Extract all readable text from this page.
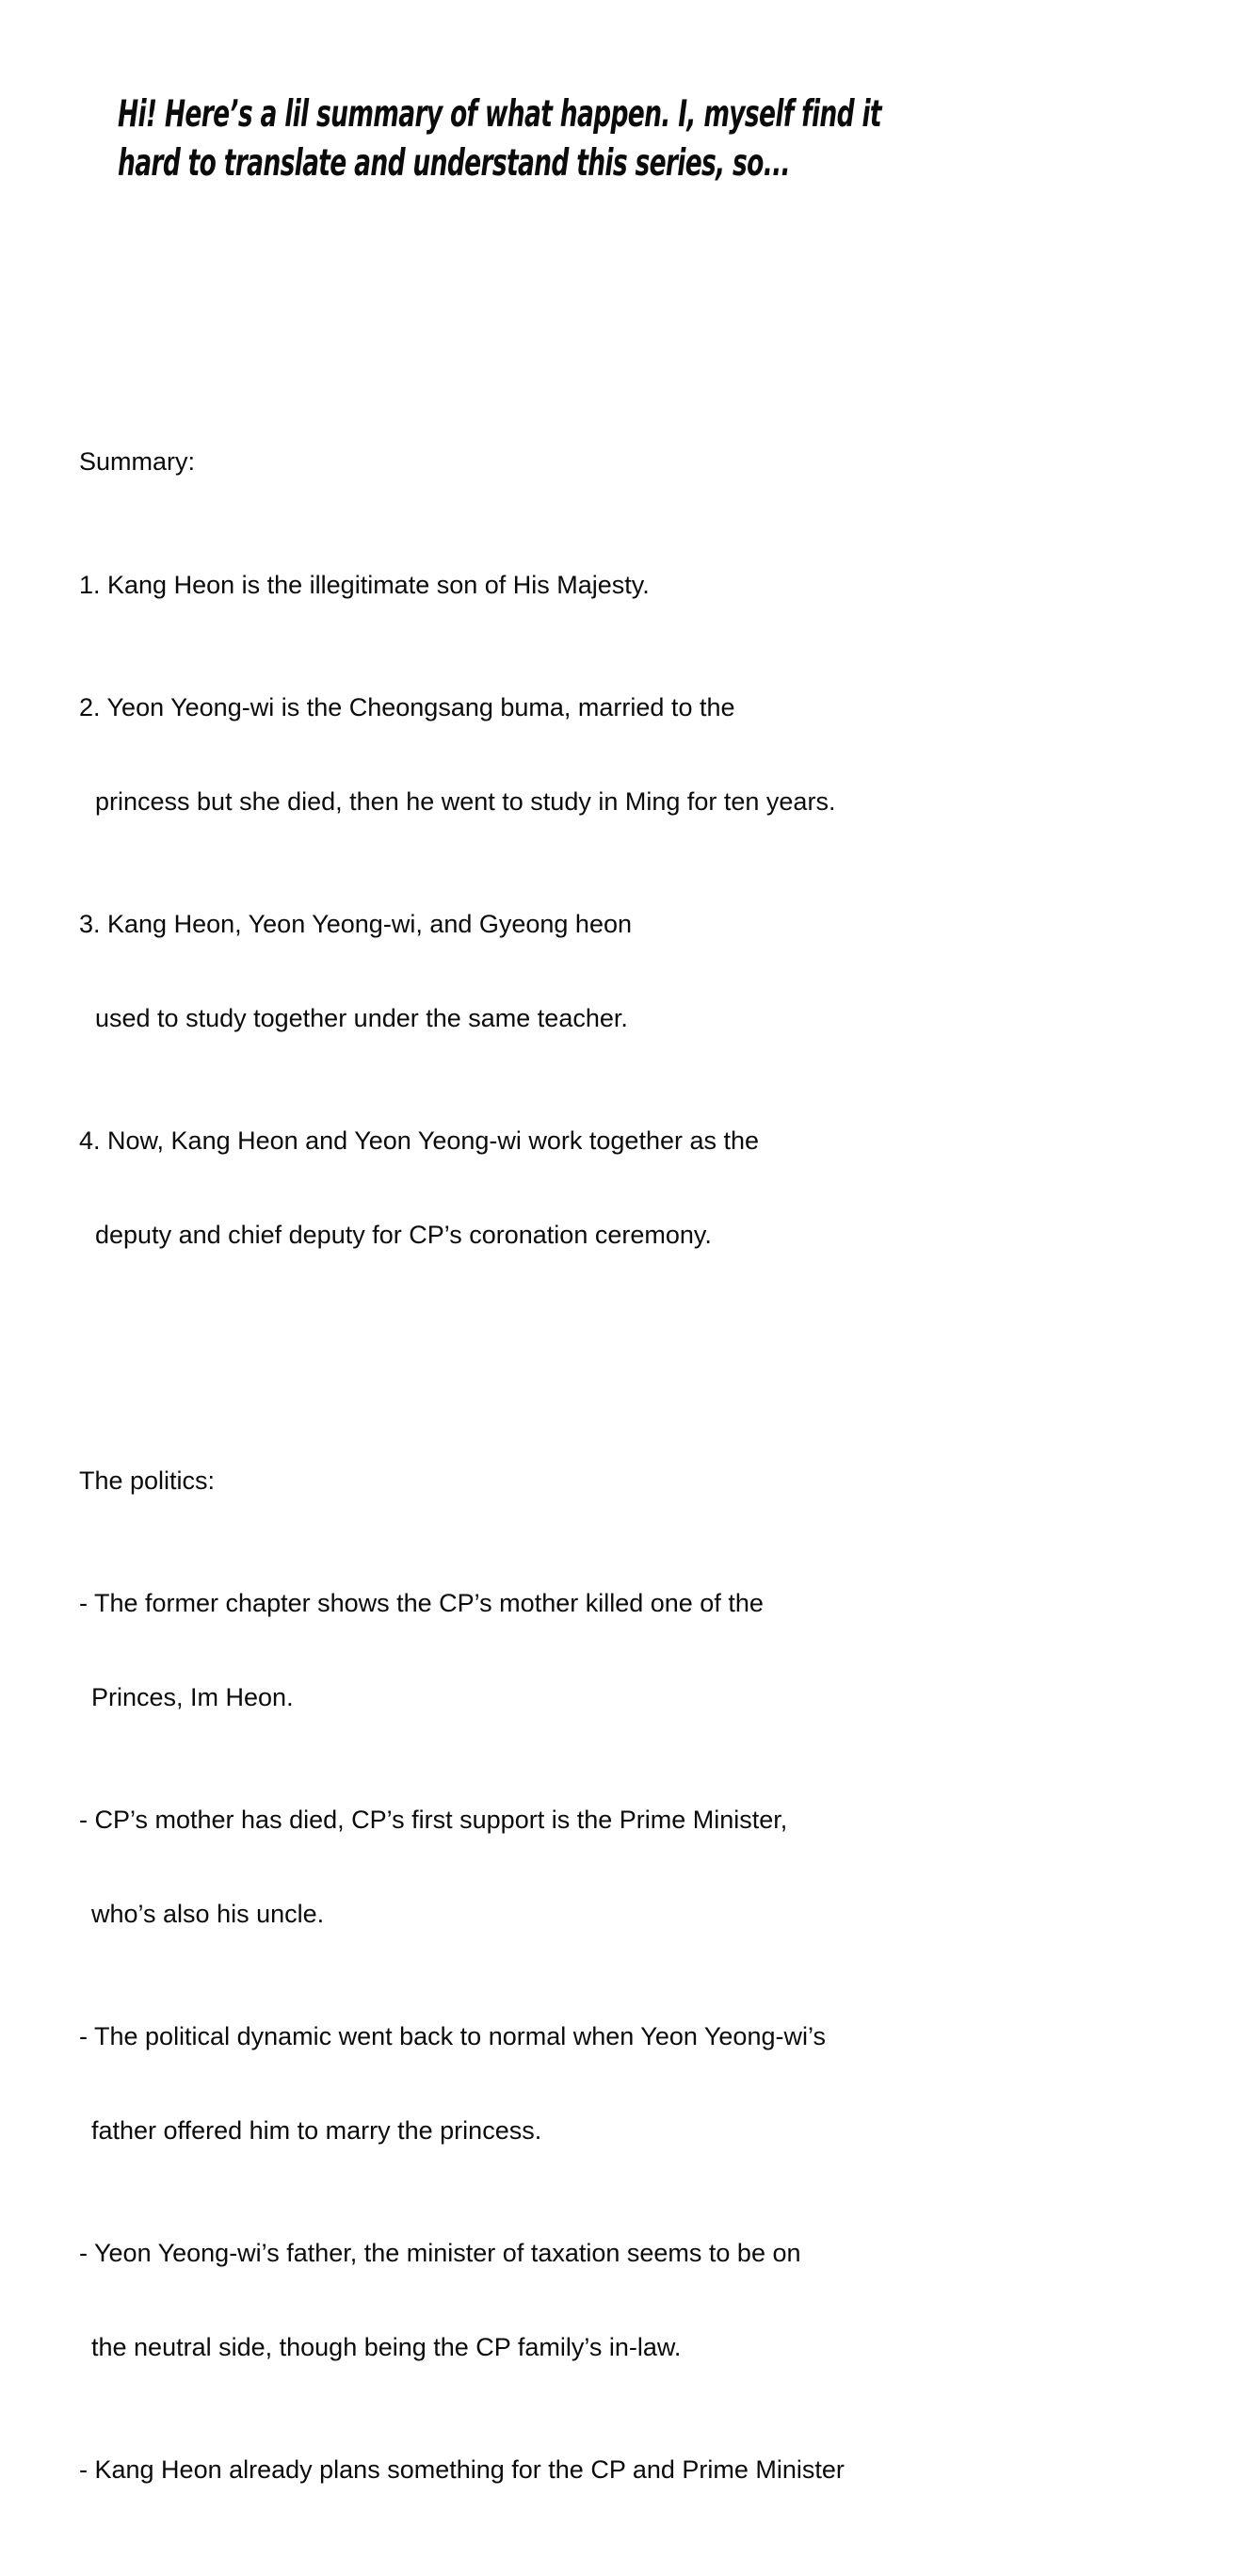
Hi! Here’s a lil summary of what happen. I, myself find it
hard to translate and understand this series, so...

Summary:

1. Kang Heon is the illegitimate son of His Majesty.

2. Yeon Yeong-wi is the Cheongsang buma, married to the

princess but she died, then he went to study in Ming for ten years.

3. Kang Heon, Yeon Yeong-wi, and Gyeong heon

used to study together under the same teacher.

4. Now, Kang Heon and Yeon Yeong-wi work together as the

deputy and chief deputy for CP’s coronation ceremony.

The politics:

- The former chapter shows the CP’s mother killed one of the

Princes, Im Heon.

- CP’s mother has died, CP’s first support is the Prime Minister,

who’s also his uncle.

- The political dynamic went back to normal when Yeon Yeong-wi’s

father offered him to marry the princess.

- Yeon Yeong-wi’s father, the minister of taxation seems to be on

the neutral side, though being the CP family’s in-law.

- Kang Heon already plans something for the CP and Prime Minister
